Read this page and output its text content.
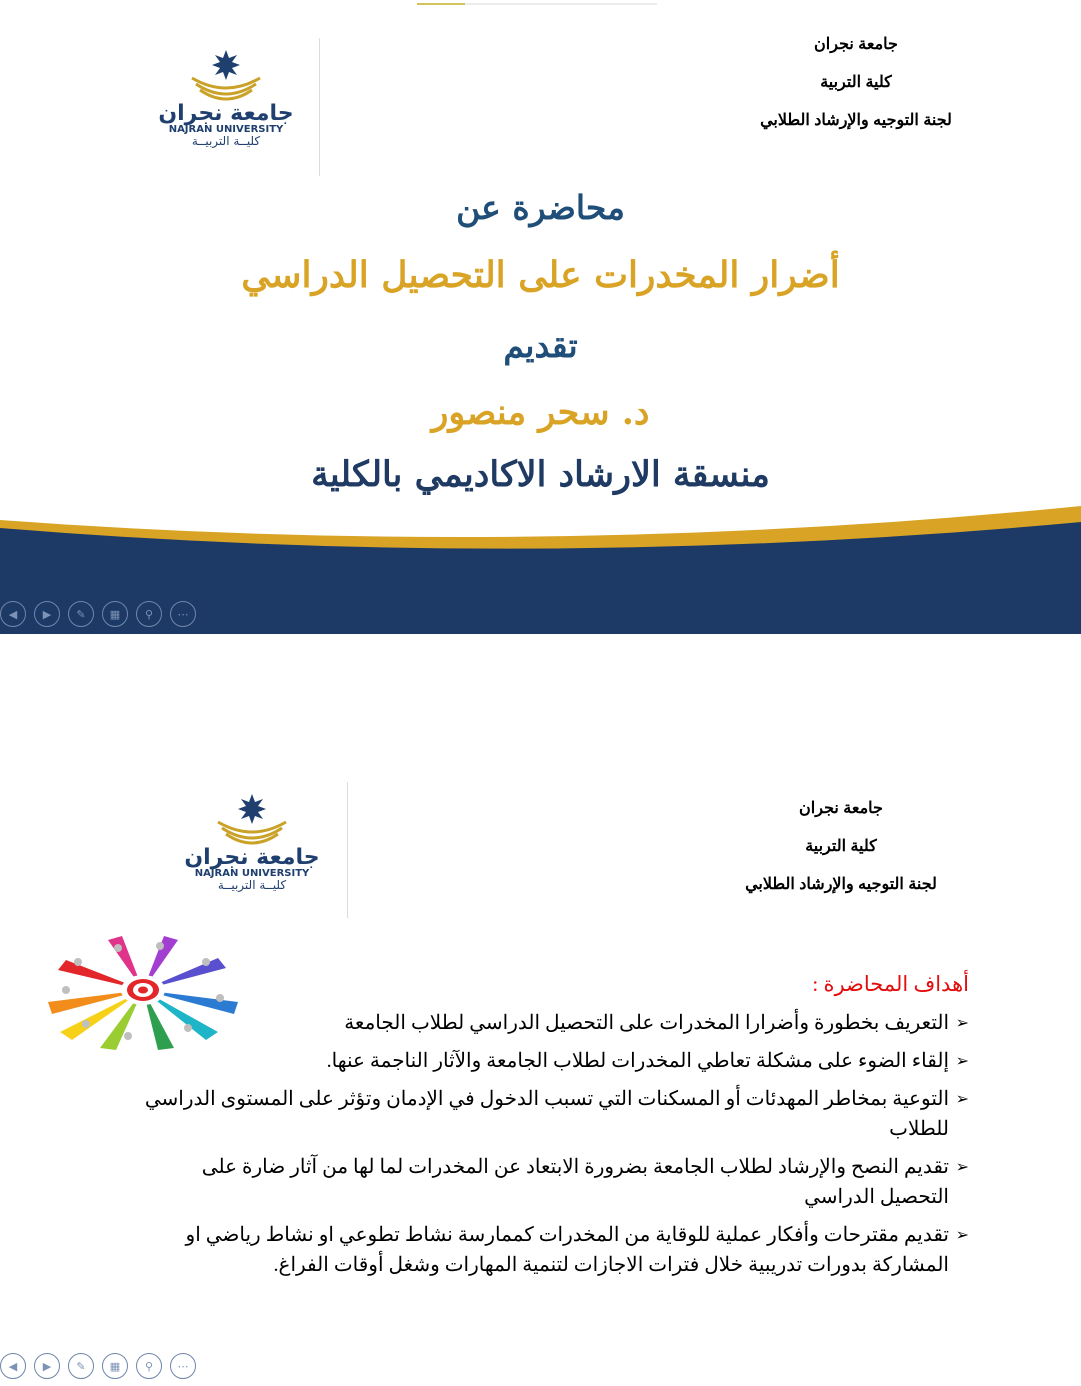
جامعة نجران
كلية التربية
لجنة التوجيه والإرشاد الطلابي
جامعة نجران
NAJRAN UNIVERSITY
كليــة التربيــة
محاضرة عن
أضرار المخدرات على التحصيل الدراسي
تقديم
د. سحر منصور
منسقة الارشاد الاكاديمي بالكلية
◀	▶	✎	▦	⚲	⋯
جامعة نجران
كلية التربية
لجنة التوجيه والإرشاد الطلابي
جامعة نجران
NAJRAN UNIVERSITY
كليــة التربيــة
أهداف المحاضرة :
➢ التعريف بخطورة وأضرارا المخدرات على التحصيل الدراسي لطلاب الجامعة
➢ إلقاء الضوء على مشكلة تعاطي المخدرات لطلاب الجامعة والآثار الناجمة عنها.
➢ التوعية بمخاطر المهدئات أو المسكنات التي تسبب الدخول في الإدمان وتؤثر على المستوى الدراسي للطلاب
➢ تقديم النصح والإرشاد لطلاب الجامعة بضرورة الابتعاد عن المخدرات لما لها من آثار ضارة على التحصيل الدراسي
➢ تقديم مقترحات وأفكار عملية للوقاية من المخدرات كممارسة نشاط تطوعي او نشاط رياضي او المشاركة بدورات تدريبية خلال فترات الاجازات لتنمية المهارات وشغل أوقات الفراغ.
◀	▶	✎	▦	⚲	⋯
